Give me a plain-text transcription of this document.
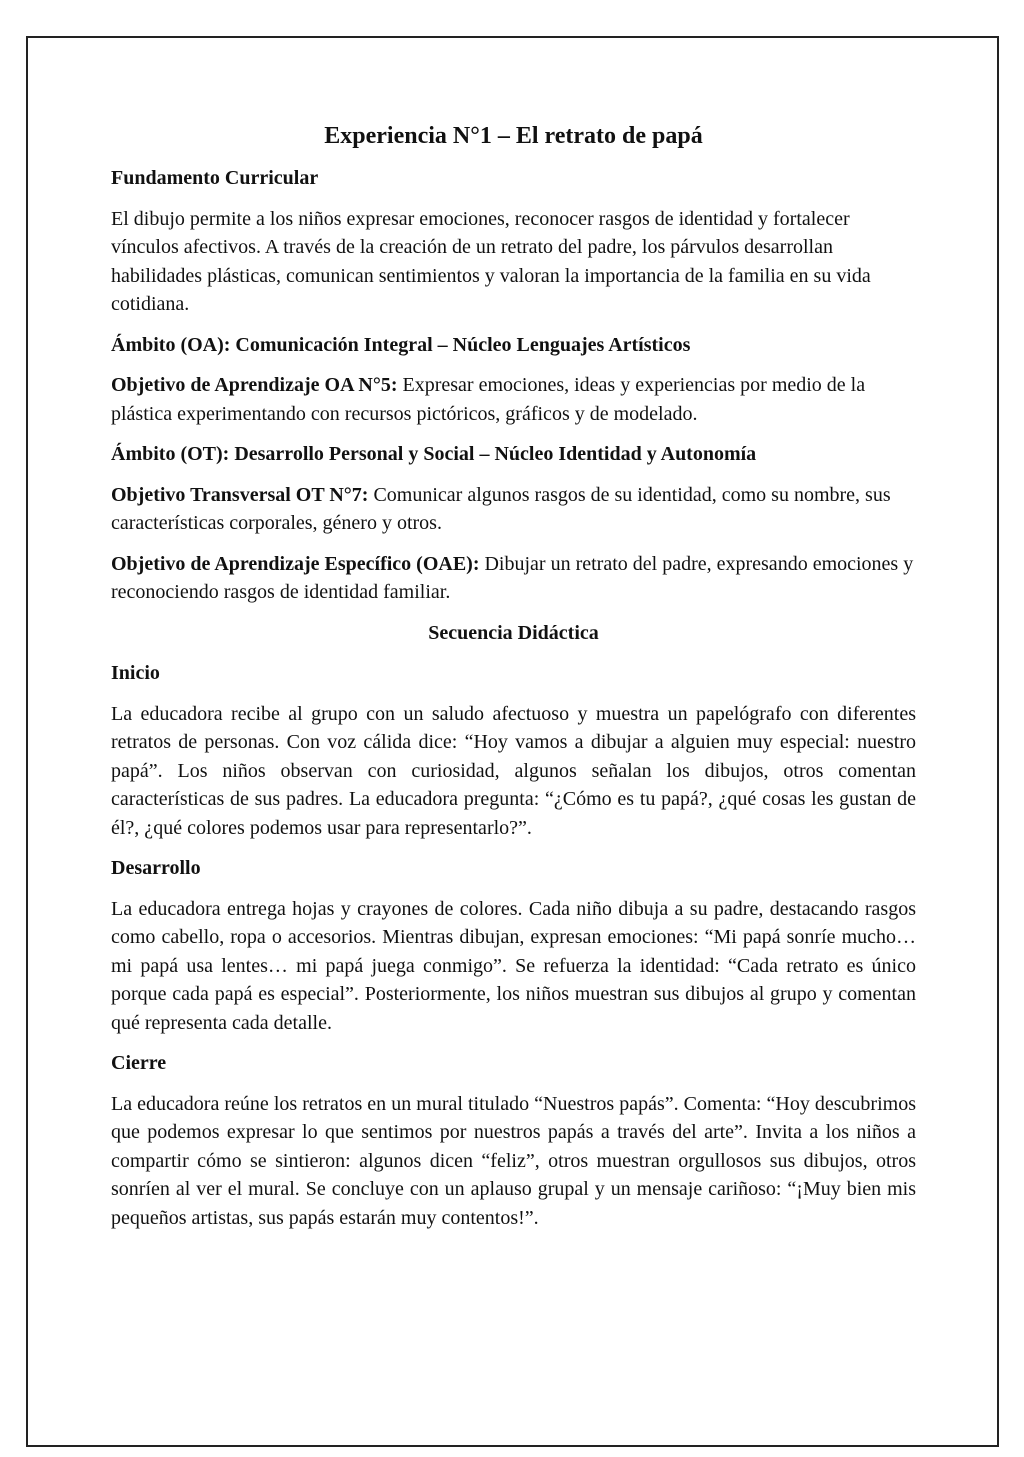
Experiencia N°1 – El retrato de papá
Fundamento Curricular

El dibujo permite a los niños expresar emociones, reconocer rasgos de identidad y fortalecer vínculos afectivos. A través de la creación de un retrato del padre, los párvulos desarrollan habilidades plásticas, comunican sentimientos y valoran la importancia de la familia en su vida cotidiana.

Ámbito (OA): Comunicación Integral – Núcleo Lenguajes Artísticos

Objetivo de Aprendizaje OA N°5: Expresar emociones, ideas y experiencias por medio de la plástica experimentando con recursos pictóricos, gráficos y de modelado.

Ámbito (OT): Desarrollo Personal y Social – Núcleo Identidad y Autonomía

Objetivo Transversal OT N°7: Comunicar algunos rasgos de su identidad, como su nombre, sus características corporales, género y otros.

Objetivo de Aprendizaje Específico (OAE): Dibujar un retrato del padre, expresando emociones y reconociendo rasgos de identidad familiar.

Secuencia Didáctica
Inicio

La educadora recibe al grupo con un saludo afectuoso y muestra un papelógrafo con diferentes retratos de personas. Con voz cálida dice: “Hoy vamos a dibujar a alguien muy especial: nuestro papá”. Los niños observan con curiosidad, algunos señalan los dibujos, otros comentan características de sus padres. La educadora pregunta: “¿Cómo es tu papá?, ¿qué cosas les gustan de él?, ¿qué colores podemos usar para representarlo?”.

Desarrollo

La educadora entrega hojas y crayones de colores. Cada niño dibuja a su padre, destacando rasgos como cabello, ropa o accesorios. Mientras dibujan, expresan emociones: “Mi papá sonríe mucho… mi papá usa lentes… mi papá juega conmigo”. Se refuerza la identidad: “Cada retrato es único porque cada papá es especial”. Posteriormente, los niños muestran sus dibujos al grupo y comentan qué representa cada detalle.

Cierre

La educadora reúne los retratos en un mural titulado “Nuestros papás”. Comenta: “Hoy descubrimos que podemos expresar lo que sentimos por nuestros papás a través del arte”. Invita a los niños a compartir cómo se sintieron: algunos dicen “feliz”, otros muestran orgullosos sus dibujos, otros sonríen al ver el mural. Se concluye con un aplauso grupal y un mensaje cariñoso: “¡Muy bien mis pequeños artistas, sus papás estarán muy contentos!”.
